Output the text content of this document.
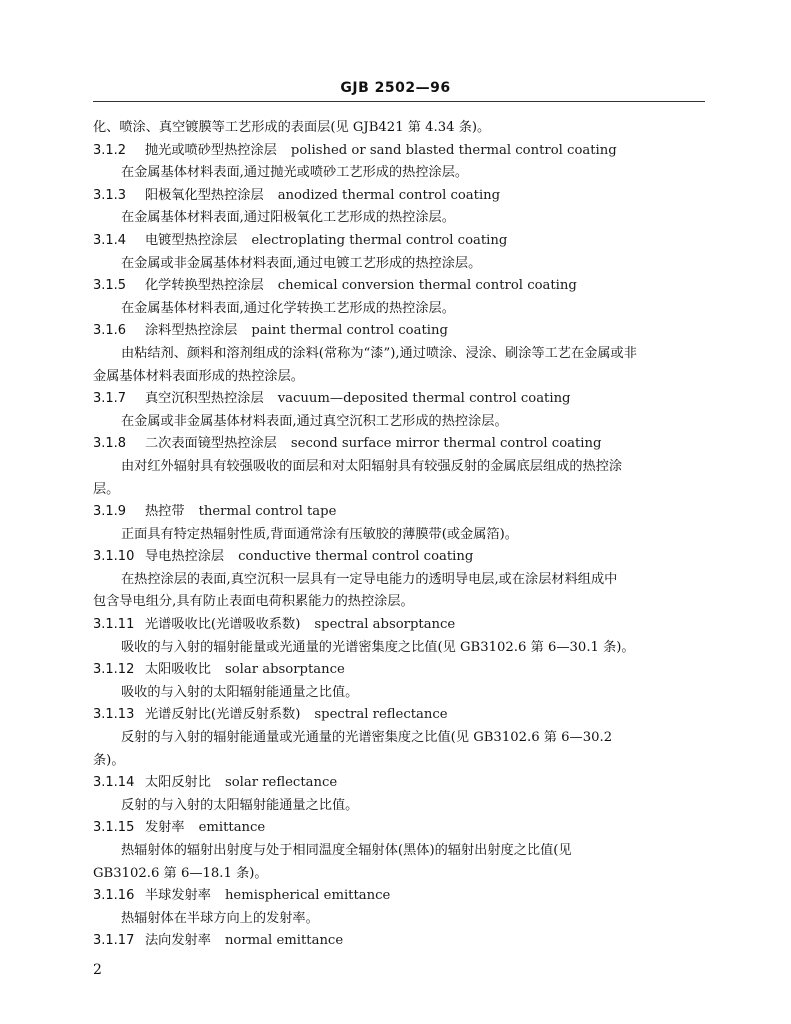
GJB 2502—96
化、喷涂、真空镀膜等工艺形成的表面层(见 GJB421 第 4.34 条)。
3.1.2 抛光或喷砂型热控涂层 polished or sand blasted thermal control coating
在金属基体材料表面,通过抛光或喷砂工艺形成的热控涂层。
3.1.3 阳极氧化型热控涂层 anodized thermal control coating
在金属基体材料表面,通过阳极氧化工艺形成的热控涂层。
3.1.4 电镀型热控涂层 electroplating thermal control coating
在金属或非金属基体材料表面,通过电镀工艺形成的热控涂层。
3.1.5 化学转换型热控涂层 chemical conversion thermal control coating
在金属基体材料表面,通过化学转换工艺形成的热控涂层。
3.1.6 涂料型热控涂层 paint thermal control coating
由粘结剂、颜料和溶剂组成的涂料(常称为“漆”),通过喷涂、浸涂、刷涂等工艺在金属或非
金属基体材料表面形成的热控涂层。
3.1.7 真空沉积型热控涂层 vacuum—deposited thermal control coating
在金属或非金属基体材料表面,通过真空沉积工艺形成的热控涂层。
3.1.8 二次表面镜型热控涂层 second surface mirror thermal control coating
由对红外辐射具有较强吸收的面层和对太阳辐射具有较强反射的金属底层组成的热控涂
层。
3.1.9 热控带 thermal control tape
正面具有特定热辐射性质,背面通常涂有压敏胶的薄膜带(或金属箔)。
3.1.10 导电热控涂层 conductive thermal control coating
在热控涂层的表面,真空沉积一层具有一定导电能力的透明导电层,或在涂层材料组成中
包含导电组分,具有防止表面电荷积累能力的热控涂层。
3.1.11 光谱吸收比(光谱吸收系数) spectral absorptance
吸收的与入射的辐射能量或光通量的光谱密集度之比值(见 GB3102.6 第 6—30.1 条)。
3.1.12 太阳吸收比 solar absorptance
吸收的与入射的太阳辐射能通量之比值。
3.1.13 光谱反射比(光谱反射系数) spectral reflectance
反射的与入射的辐射能通量或光通量的光谱密集度之比值(见 GB3102.6 第 6—30.2
条)。
3.1.14 太阳反射比 solar reflectance
反射的与入射的太阳辐射能通量之比值。
3.1.15 发射率 emittance
热辐射体的辐射出射度与处于相同温度全辐射体(黑体)的辐射出射度之比值(见
GB3102.6 第 6—18.1 条)。
3.1.16 半球发射率 hemispherical emittance
热辐射体在半球方向上的发射率。
3.1.17 法向发射率 normal emittance
2
